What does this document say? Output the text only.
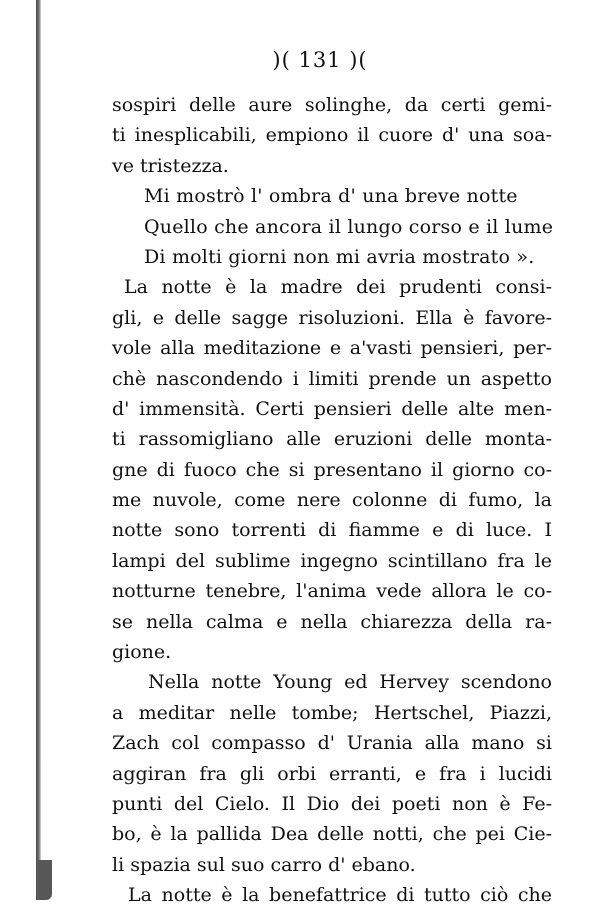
)( 131 )(
sospiri delle aure solinghe, da certi gemi-
ti inesplicabili, empiono il cuore d' una soa-
ve tristezza.
Mi mostrò l' ombra d' una breve notte
Quello che ancora il lungo corso e il lume
Di molti giorni non mi avria mostrato ».
La notte è la madre dei prudenti consi-
gli, e delle sagge risoluzioni. Ella è favore-
vole alla meditazione e a'vasti pensieri, per-
chè nascondendo i limiti prende un aspetto
d' immensità. Certi pensieri delle alte men-
ti rassomigliano alle eruzioni delle monta-
gne di fuoco che si presentano il giorno co-
me nuvole, come nere colonne di fumo, la
notte sono torrenti di fiamme e di luce. I
lampi del sublime ingegno scintillano fra le
notturne tenebre, l'anima vede allora le co-
se nella calma e nella chiarezza della ra-
gione.
Nella notte Young ed Hervey scendono
a meditar nelle tombe; Hertschel, Piazzi,
Zach col compasso d' Urania alla mano si
aggiran fra gli orbi erranti, e fra i lucidi
punti del Cielo. Il Dio dei poeti non è Fe-
bo, è la pallida Dea delle notti, che pei Cie-
li spazia sul suo carro d' ebano.
La notte è la benefattrice di tutto ciò che
